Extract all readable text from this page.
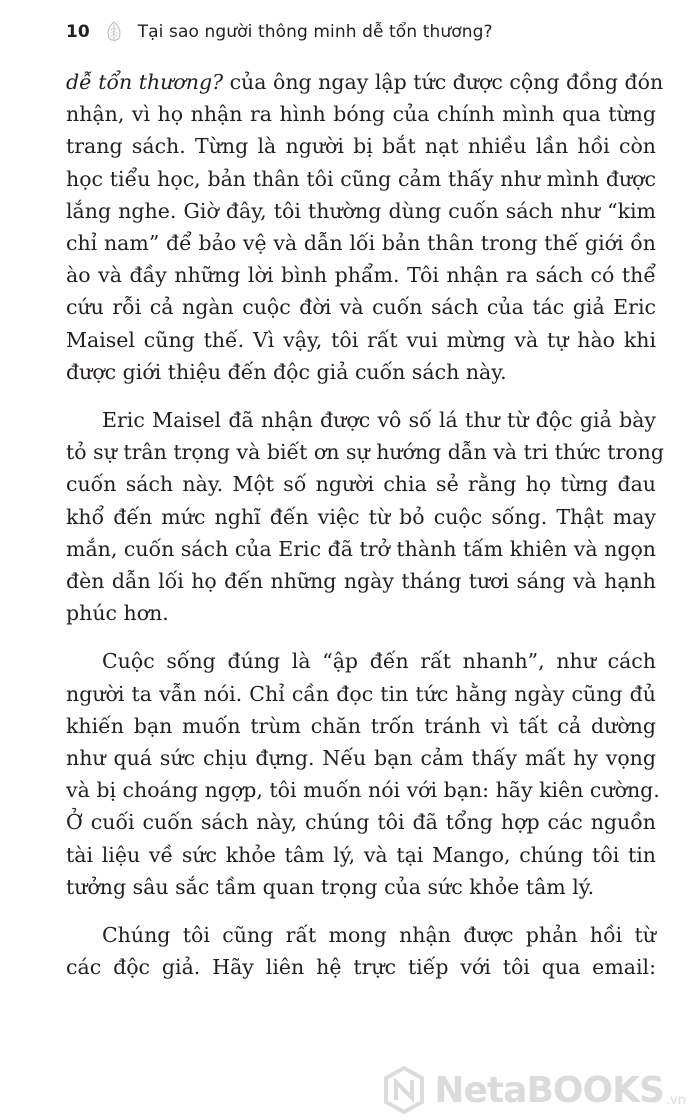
10	Tại sao người thông minh dễ tổn thương?

dễ tổn thương? của ông ngay lập tức được cộng đồng đón
nhận, vì họ nhận ra hình bóng của chính mình qua từng
trang sách. Từng là người bị bắt nạt nhiều lần hồi còn
học tiểu học, bản thân tôi cũng cảm thấy như mình được
lắng nghe. Giờ đây, tôi thường dùng cuốn sách như “kim
chỉ nam” để bảo vệ và dẫn lối bản thân trong thế giới ồn
ào và đầy những lời bình phẩm. Tôi nhận ra sách có thể
cứu rỗi cả ngàn cuộc đời và cuốn sách của tác giả Eric
Maisel cũng thế. Vì vậy, tôi rất vui mừng và tự hào khi
được giới thiệu đến độc giả cuốn sách này.

Eric Maisel đã nhận được vô số lá thư từ độc giả bày
tỏ sự trân trọng và biết ơn sự hướng dẫn và tri thức trong
cuốn sách này. Một số người chia sẻ rằng họ từng đau
khổ đến mức nghĩ đến việc từ bỏ cuộc sống. Thật may
mắn, cuốn sách của Eric đã trở thành tấm khiên và ngọn
đèn dẫn lối họ đến những ngày tháng tươi sáng và hạnh
phúc hơn.

Cuộc sống đúng là “ập đến rất nhanh”, như cách
người ta vẫn nói. Chỉ cần đọc tin tức hằng ngày cũng đủ
khiến bạn muốn trùm chăn trốn tránh vì tất cả dường
như quá sức chịu đựng. Nếu bạn cảm thấy mất hy vọng
và bị choáng ngợp, tôi muốn nói với bạn: hãy kiên cường.
Ở cuối cuốn sách này, chúng tôi đã tổng hợp các nguồn
tài liệu về sức khỏe tâm lý, và tại Mango, chúng tôi tin
tưởng sâu sắc tầm quan trọng của sức khỏe tâm lý.

Chúng tôi cũng rất mong nhận được phản hồi từ
các độc giả. Hãy liên hệ trực tiếp với tôi qua email:

NetaBOOKS .vn
